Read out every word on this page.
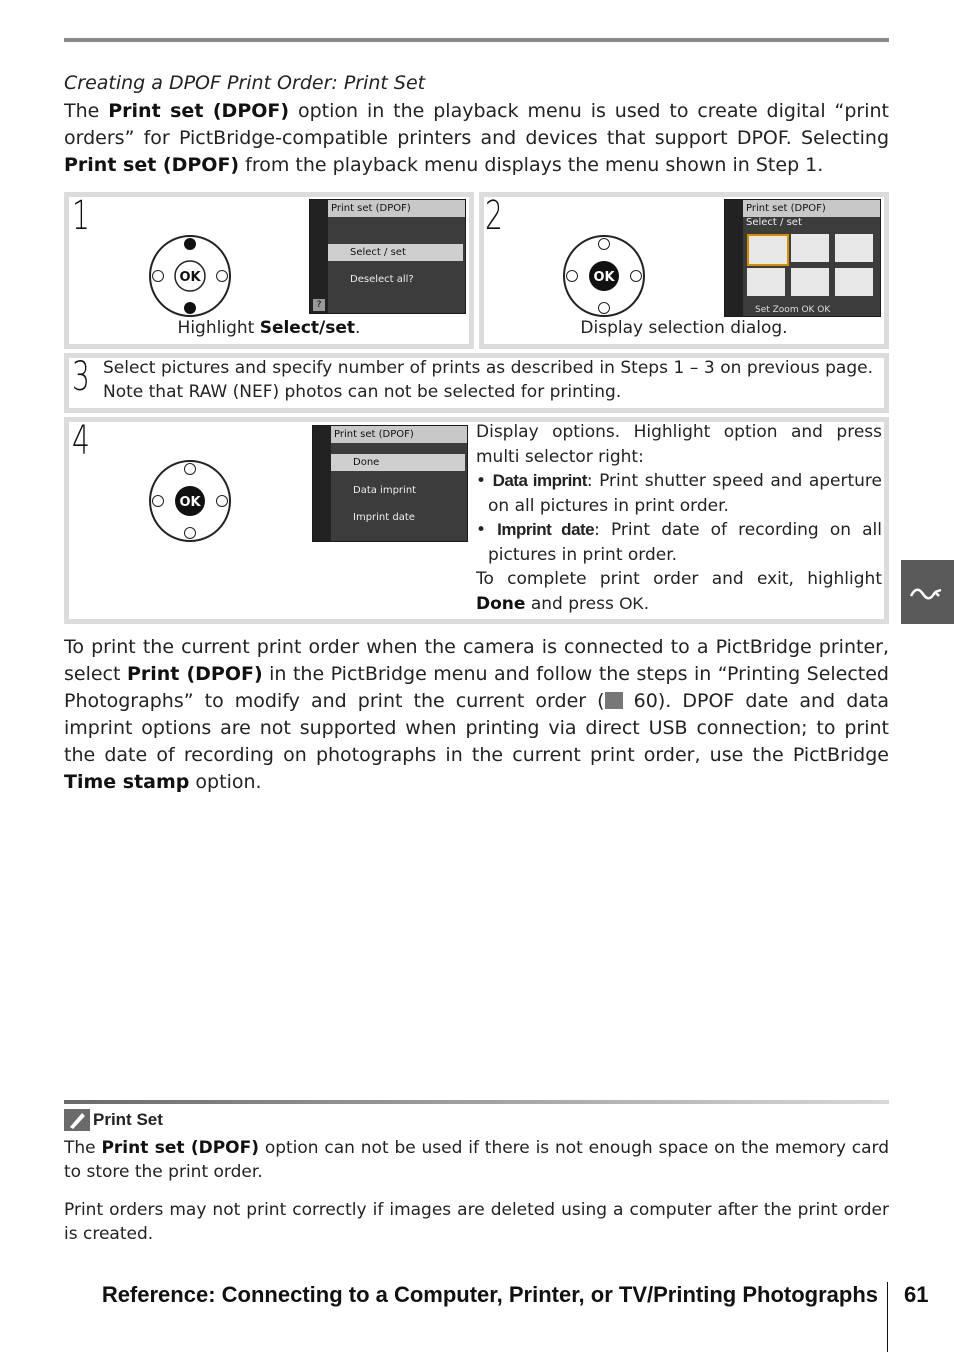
Creating a DPOF Print Order: Print Set
The Print set (DPOF) option in the playback menu is used to create digital “print orders” for PictBridge-compatible printers and devices that support DPOF. Selecting Print set (DPOF) from the playback menu displays the menu shown in Step 1.
1
OK
Print set (DPOF)
Select / set
Deselect all?
?
Highlight Select/set.
2
OK
Print set (DPOF)
Select / set
Set Zoom OK OK
Display selection dialog.
3 Select pictures and specify number of prints as described in Steps 1 – 3 on previous page. Note that RAW (NEF) photos can not be selected for printing.
4
OK
Print set (DPOF)
Done
Data imprint
Imprint date
Display options. Highlight option and press multi selector right:
• Data imprint: Print shutter speed and aperture on all pictures in print order.
• Imprint date: Print date of recording on all pictures in print order.
To complete print order and exit, highlight Done and press OK.
To print the current print order when the camera is connected to a PictBridge printer, select Print (DPOF) in the PictBridge menu and follow the steps in “Printing Selected Photographs” to modify and print the current order ( 60). DPOF date and data imprint options are not supported when printing via direct USB connection; to print the date of recording on photographs in the current print order, use the PictBridge Time stamp option.
Print Set
The Print set (DPOF) option can not be used if there is not enough space on the memory card to store the print order.
Print orders may not print correctly if images are deleted using a computer after the print order is created.
Reference: Connecting to a Computer, Printer, or TV/Printing Photographs 61
